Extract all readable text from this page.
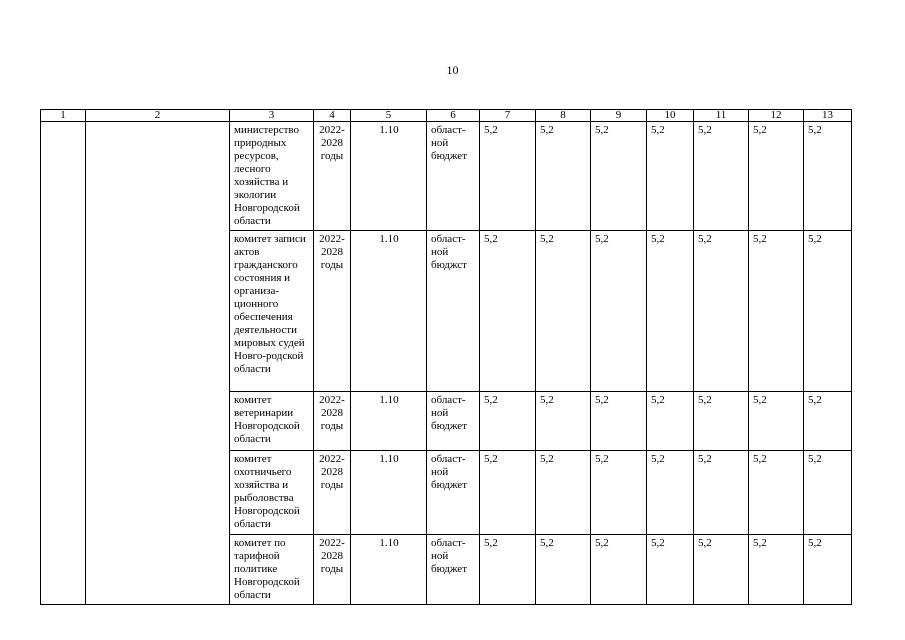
10
1	2	3	4	5	6	7	8	9	10	11	12	13
		министерство природных ресурсов, лесного хозяйства и экологии Новгородской области	2022-2028 годы	1.10	област-ной бюджет	5,2	5,2	5,2	5,2	5,2	5,2	5,2
		комитет записи актов гражданского состояния и организа-ционного обеспечения деятельности мировых судей Новго-родской области	2022-2028 годы	1.10	област-ной бюджст	5,2	5,2	5,2	5,2	5,2	5,2	5,2
		комитет ветеринарии Новгородской области	2022-2028 годы	1.10	област-ной бюджет	5,2	5,2	5,2	5,2	5,2	5,2	5,2
		комитет охотничьего хозяйства и рыболовства Новгородской области	2022-2028 годы	1.10	област-ной бюджет	5,2	5,2	5,2	5,2	5,2	5,2	5,2
		комитет по тарифной политике Новгородской области	2022-2028 годы	1.10	област-ной бюджет	5,2	5,2	5,2	5,2	5,2	5,2	5,2
